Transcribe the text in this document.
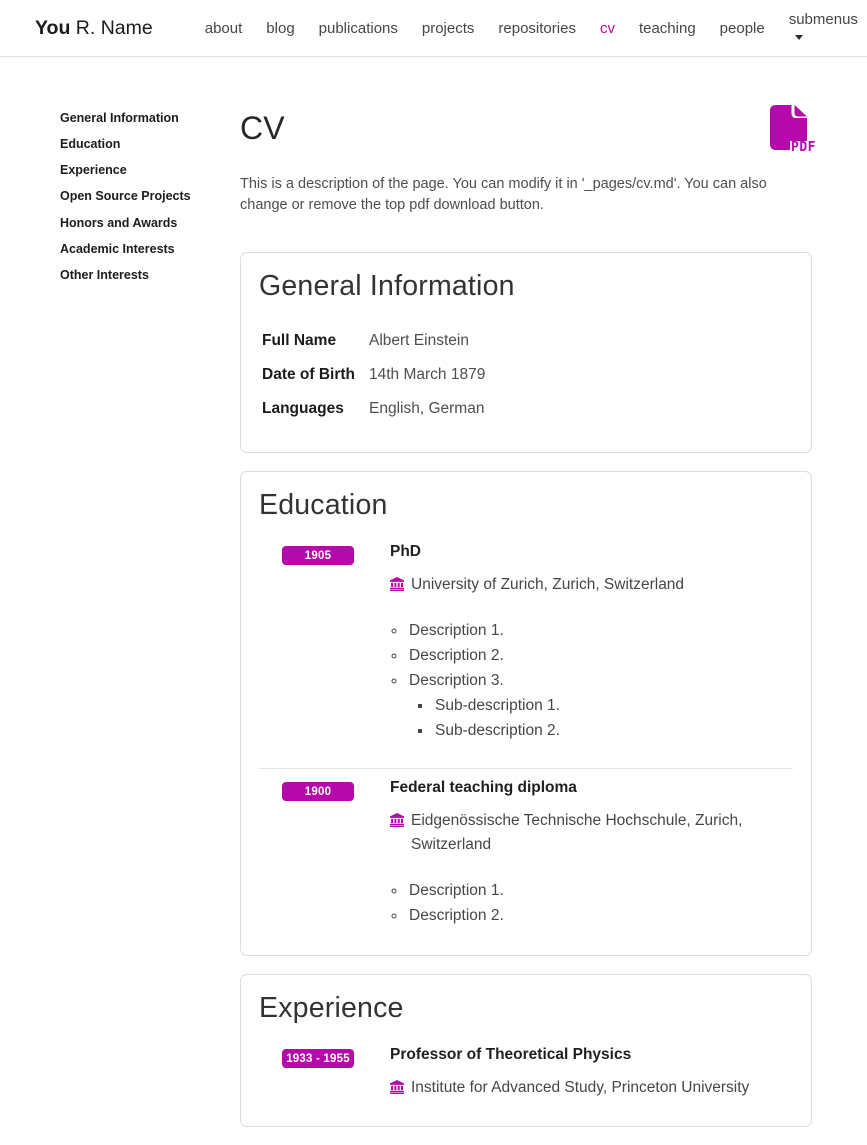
You R. Name	about	blog	publications	projects	repositories	cv	teaching	people	submenus
General Information
Education
Experience
Open Source Projects
Honors and Awards
Academic Interests
Other Interests
CV
PDF

This is a description of the page. You can modify it in '_pages/cv.md'. You can also change or remove the top pdf download button.

General Information
Full Name	Albert Einstein
Date of Birth 14th March 1879
Languages	English, German
Education
1905	PhD
University of Zurich, Zurich, Switzerland
◦ Description 1.
◦ Description 2.
◦ Description 3.
▪ Sub-description 1.
▪ Sub-description 2.
1900	Federal teaching diploma
Eidgenössische Technische Hochschule, Zurich, Switzerland
◦ Description 1.
◦ Description 2.
Experience
1933 - 1955	Professor of Theoretical Physics
Institute for Advanced Study, Princeton University
